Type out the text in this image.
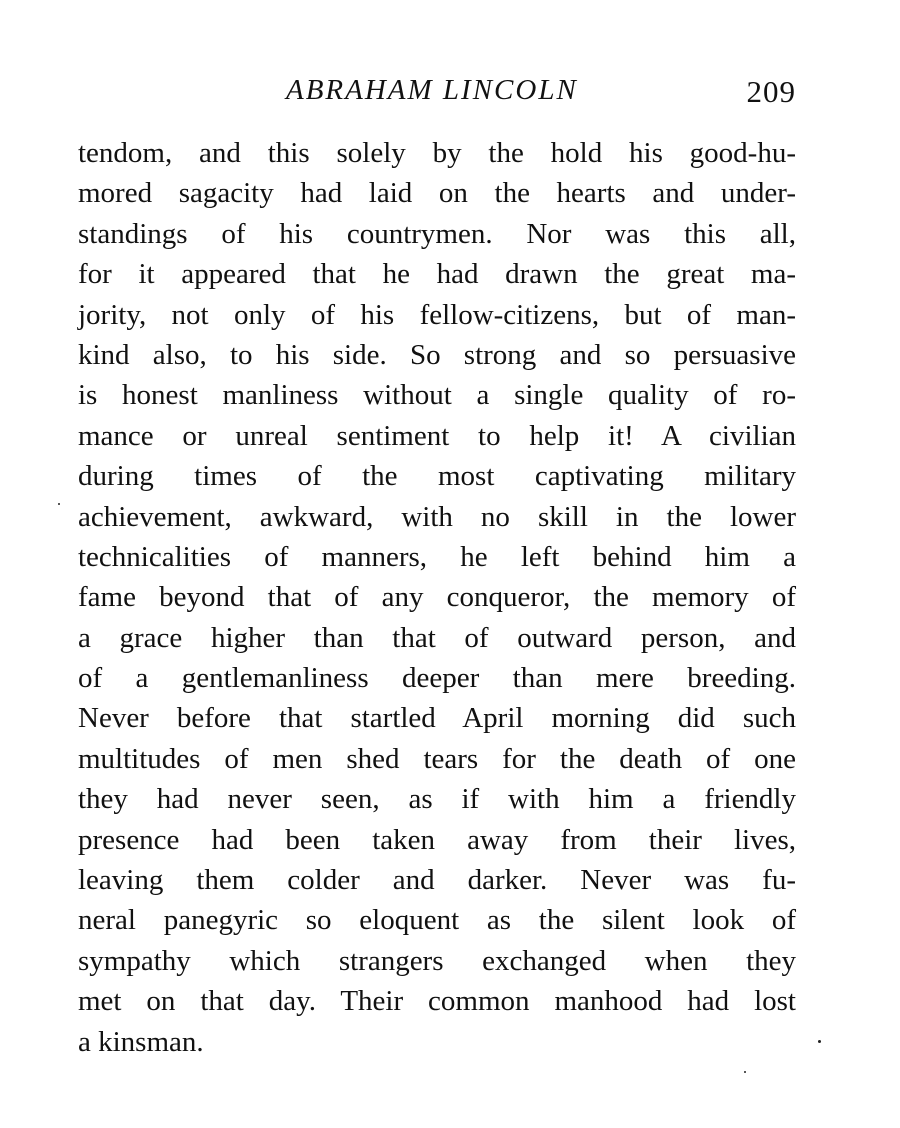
ABRAHAM LINCOLN	209
tendom, and this solely by the hold his good-hu-
mored sagacity had laid on the hearts and under-
standings of his countrymen. Nor was this all,
for it appeared that he had drawn the great ma-
jority, not only of his fellow-citizens, but of man-
kind also, to his side. So strong and so persuasive
is honest manliness without a single quality of ro-
mance or unreal sentiment to help it! A civilian
during times of the most captivating military
achievement, awkward, with no skill in the lower
technicalities of manners, he left behind him a
fame beyond that of any conqueror, the memory of
a grace higher than that of outward person, and
of a gentlemanliness deeper than mere breeding.
Never before that startled April morning did such
multitudes of men shed tears for the death of one
they had never seen, as if with him a friendly
presence had been taken away from their lives,
leaving them colder and darker. Never was fu-
neral panegyric so eloquent as the silent look of
sympathy which strangers exchanged when they
met on that day. Their common manhood had lost
a kinsman.
